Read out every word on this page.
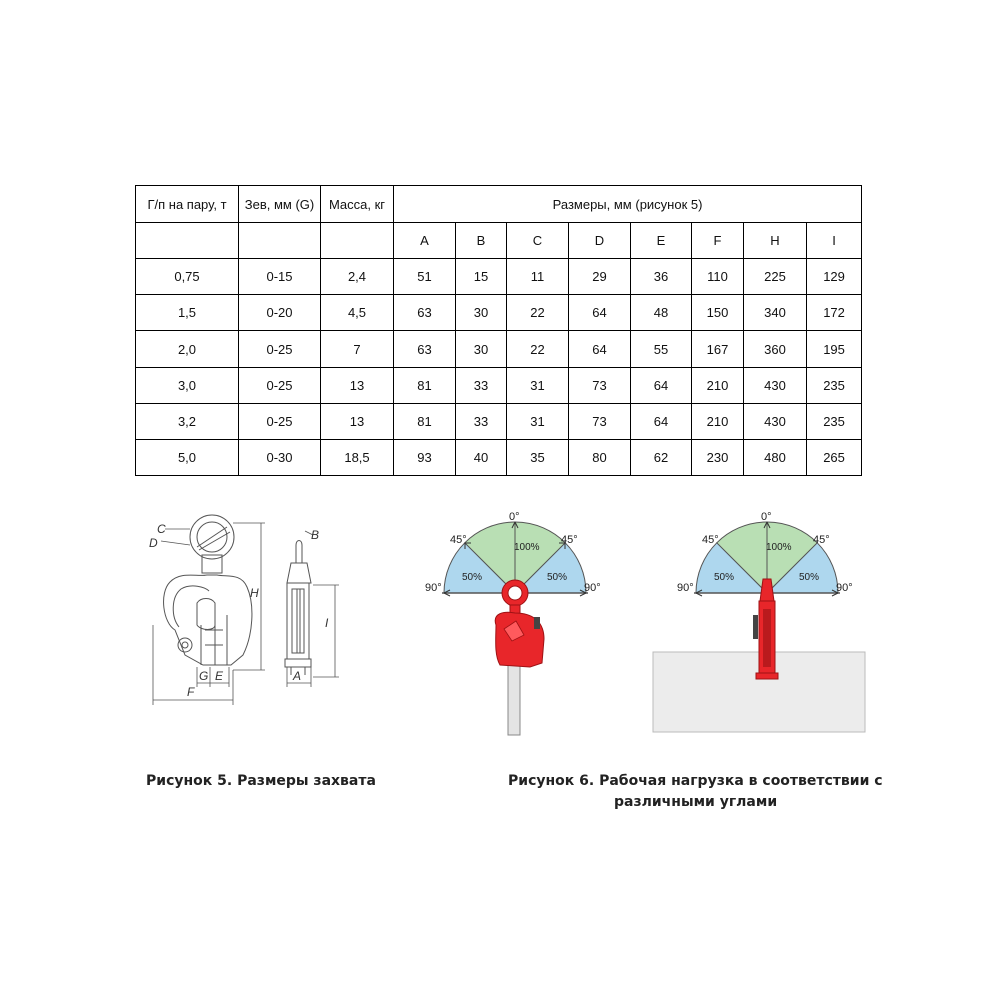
Г/п на пару, т	Зев, мм (G)	Масса, кг	Размеры, мм (рисунок 5)							
			A	B	C	D	E	F	H	I
0,75	0-15	2,4	51	15	11	29	36	110	225	129
1,5	0-20	4,5	63	30	22	64	48	150	340	172
2,0	0-25	7	63	30	22	64	55	167	360	195
3,0	0-25	13	81	33	31	73	64	210	430	235
3,2	0-25	13	81	33	31	73	64	210	430	235
5,0	0-30	18,5	93	40	35	80	62	230	480	265
C
D
B
H
I
G E
F
A
Рисунок 5. Размеры захвата
0°
45°	45°
90°	90°
100%
50%	50%
0°
45°	45°
90°	90°
100%
50%	50%
Рисунок 6. Рабочая нагрузка в соответствии с
различными углами
